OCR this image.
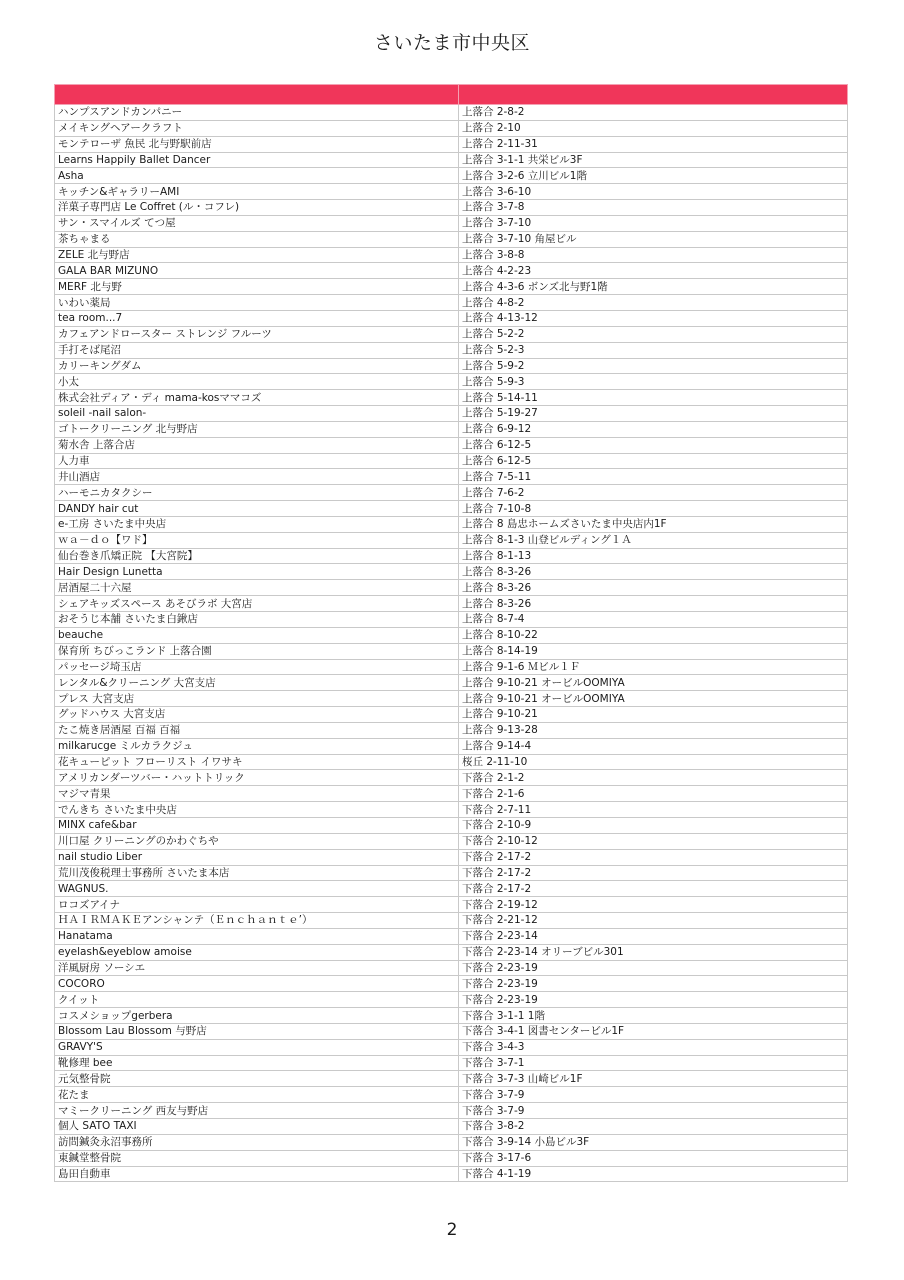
さいたま市中央区

ハンプスアンドカンパニー	上落合 2-8-2
メイキングヘアークラフト	上落合 2-10
モンテローザ 魚民 北与野駅前店	上落合 2-11-31
Learns Happily Ballet Dancer	上落合 3-1-1 共栄ビル3F
Asha	上落合 3-2-6 立川ビル1階
キッチン&ギャラリーAMI	上落合 3-6-10
洋菓子専門店 Le Coffret (ル・コフレ)	上落合 3-7-8
サン・スマイルズ てつ屋	上落合 3-7-10
茶ちゃまる	上落合 3-7-10 角屋ビル
ZELE 北与野店	上落合 3-8-8
GALA BAR MIZUNO	上落合 4-2-23
MERF 北与野	上落合 4-3-6 ボンズ北与野1階
いわい薬局	上落合 4-8-2
tea room...7	上落合 4-13-12
カフェアンドロースター ストレンジ フルーツ	上落合 5-2-2
手打そば尾沼	上落合 5-2-3
カリーキングダム	上落合 5-9-2
小太	上落合 5-9-3
株式会社ディア・ディ mama-kosママコズ	上落合 5-14-11
soleil -nail salon-	上落合 5-19-27
ゴトークリーニング 北与野店	上落合 6-9-12
菊水舎 上落合店	上落合 6-12-5
人力車	上落合 6-12-5
井山酒店	上落合 7-5-11
ハーモニカタクシー	上落合 7-6-2
DANDY hair cut	上落合 7-10-8
e-工房 さいたま中央店	上落合 8 島忠ホームズさいたま中央店内1F
ｗａ－ｄｏ【ワド】	上落合 8-1-3 山登ビルディング１Ａ
仙台巻き爪矯正院 【大宮院】	上落合 8-1-13
Hair Design Lunetta	上落合 8-3-26
居酒屋二十六屋	上落合 8-3-26
シェアキッズスペース あそびラボ 大宮店	上落合 8-3-26
おそうじ本舗 さいたま白鍬店	上落合 8-7-4
beauche	上落合 8-10-22
保育所 ちびっこランド 上落合園	上落合 8-14-19
パッセージ埼玉店	上落合 9-1-6 Ｍビル１Ｆ
レンタル&クリーニング 大宮支店	上落合 9-10-21 オービルOOMIYA
プレス 大宮支店	上落合 9-10-21 オービルOOMIYA
グッドハウス 大宮支店	上落合 9-10-21
たこ焼き居酒屋 百福 百福	上落合 9-13-28
milkarucge ミルカラクジュ	上落合 9-14-4
花キューピット フローリスト イワサキ	桜丘 2-11-10
アメリカンダーツバー・ハットトリック	下落合 2-1-2
マジマ青果	下落合 2-1-6
でんきち さいたま中央店	下落合 2-7-11
MINX cafe&bar	下落合 2-10-9
川口屋 クリーニングのかわぐちや	下落合 2-10-12
nail studio Liber	下落合 2-17-2
荒川茂俊税理士事務所 さいたま本店	下落合 2-17-2
WAGNUS.	下落合 2-17-2
ロコズアイナ	下落合 2-19-12
ＨＡＩＲＭＡＫＥアンシャンテ（Ｅｎｃｈａｎｔｅ’）	下落合 2-21-12
Hanatama	下落合 2-23-14
eyelash&eyeblow amoise	下落合 2-23-14 オリーブビル301
洋風厨房 ソーシエ	下落合 2-23-19
COCORO	下落合 2-23-19
クイット	下落合 2-23-19
コスメショップgerbera	下落合 3-1-1 1階
Blossom Lau Blossom 与野店	下落合 3-4-1 図書センタービル1F
GRAVY'S	下落合 3-4-3
靴修理 bee	下落合 3-7-1
元気整骨院	下落合 3-7-3 山崎ビル1F
花たま	下落合 3-7-9
マミークリーニング 西友与野店	下落合 3-7-9
個人 SATO TAXI	下落合 3-8-2
訪問鍼灸永沼事務所	下落合 3-9-14 小島ビル3F
東鍼堂整骨院	下落合 3-17-6
島田自動車	下落合 4-1-19
2
